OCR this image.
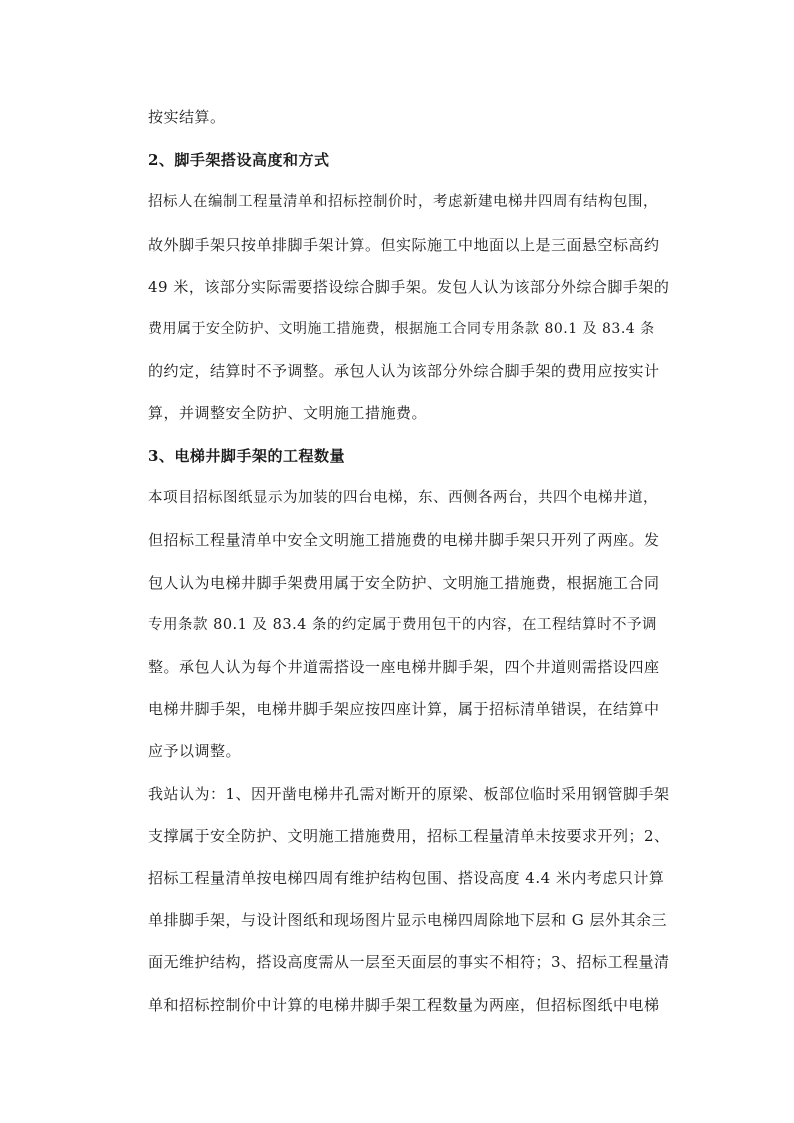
按实结算。
2、脚手架搭设高度和方式
招标人在编制工程量清单和招标控制价时，考虑新建电梯井四周有结构包围，
故外脚手架只按单排脚手架计算。但实际施工中地面以上是三面悬空标高约
49 米，该部分实际需要搭设综合脚手架。发包人认为该部分外综合脚手架的
费用属于安全防护、文明施工措施费，根据施工合同专用条款 80.1 及 83.4 条
的约定，结算时不予调整。承包人认为该部分外综合脚手架的费用应按实计
算，并调整安全防护、文明施工措施费。
3、电梯井脚手架的工程数量
本项目招标图纸显示为加装的四台电梯，东、西侧各两台，共四个电梯井道，
但招标工程量清单中安全文明施工措施费的电梯井脚手架只开列了两座。发
包人认为电梯井脚手架费用属于安全防护、文明施工措施费，根据施工合同
专用条款 80.1 及 83.4 条的约定属于费用包干的内容，在工程结算时不予调
整。承包人认为每个井道需搭设一座电梯井脚手架，四个井道则需搭设四座
电梯井脚手架，电梯井脚手架应按四座计算，属于招标清单错误，在结算中
应予以调整。
我站认为：1、因开凿电梯井孔需对断开的原梁、板部位临时采用钢管脚手架
支撑属于安全防护、文明施工措施费用，招标工程量清单未按要求开列；2、
招标工程量清单按电梯四周有维护结构包围、搭设高度 4.4 米内考虑只计算
单排脚手架，与设计图纸和现场图片显示电梯四周除地下层和 G 层外其余三
面无维护结构，搭设高度需从一层至天面层的事实不相符；3、招标工程量清
单和招标控制价中计算的电梯井脚手架工程数量为两座，但招标图纸中电梯
